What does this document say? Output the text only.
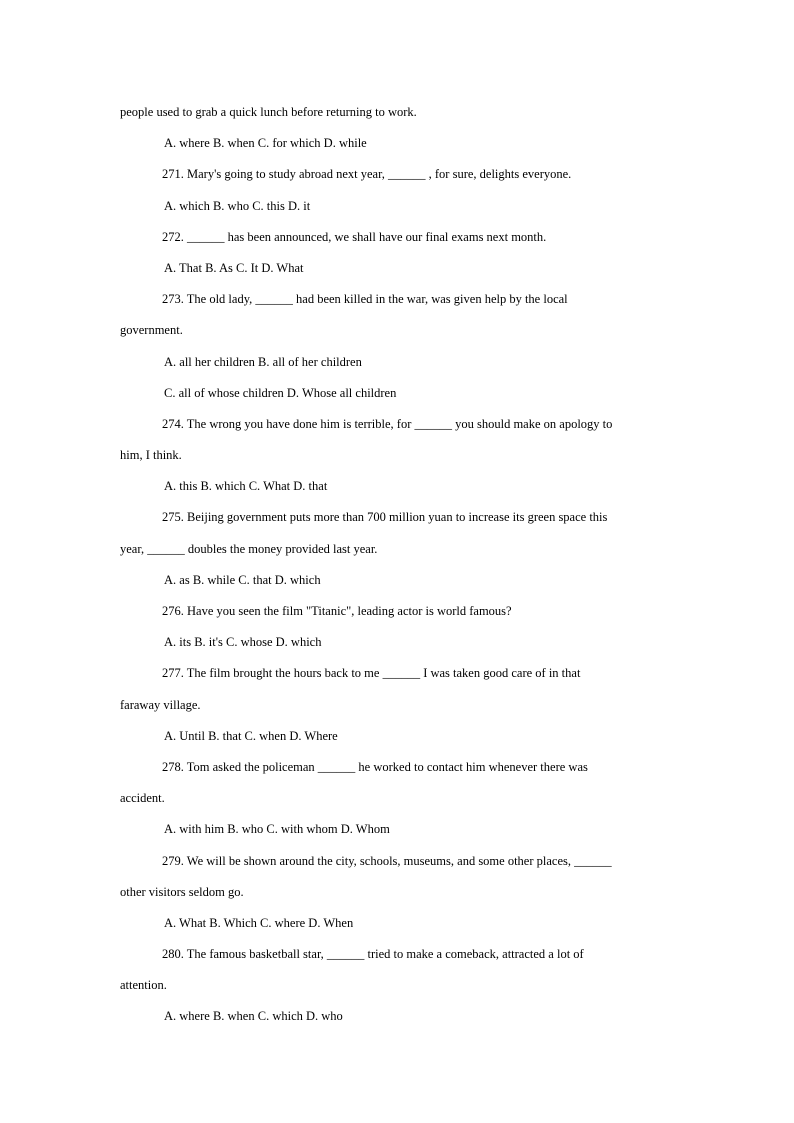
people used to grab a quick lunch before returning to work.
A. where B. when C. for which D. while
271. Mary's going to study abroad next year, ______ , for sure, delights everyone.
A. which B. who C. this D. it
272. ______ has been announced, we shall have our final exams next month.
A. That B. As C. It D. What
273. The old lady, ______ had been killed in the war, was given help by the local
government.
A. all her children B. all of her children
C. all of whose children D. Whose all children
274. The wrong you have done him is terrible, for ______ you should make on apology to
him, I think.
A. this B. which C. What D. that
275. Beijing government puts more than 700 million yuan to increase its green space this
year, ______ doubles the money provided last year.
A. as B. while C. that D. which
276. Have you seen the film "Titanic", leading actor is world famous?
A. its B. it's C. whose D. which
277. The film brought the hours back to me ______ I was taken good care of in that
faraway village.
A. Until B. that C. when D. Where
278. Tom asked the policeman ______ he worked to contact him whenever there was
accident.
A. with him B. who C. with whom D. Whom
279. We will be shown around the city, schools, museums, and some other places, ______
other visitors seldom go.
A. What B. Which C. where D. When
280. The famous basketball star, ______ tried to make a comeback, attracted a lot of
attention.
A. where B. when C. which D. who
